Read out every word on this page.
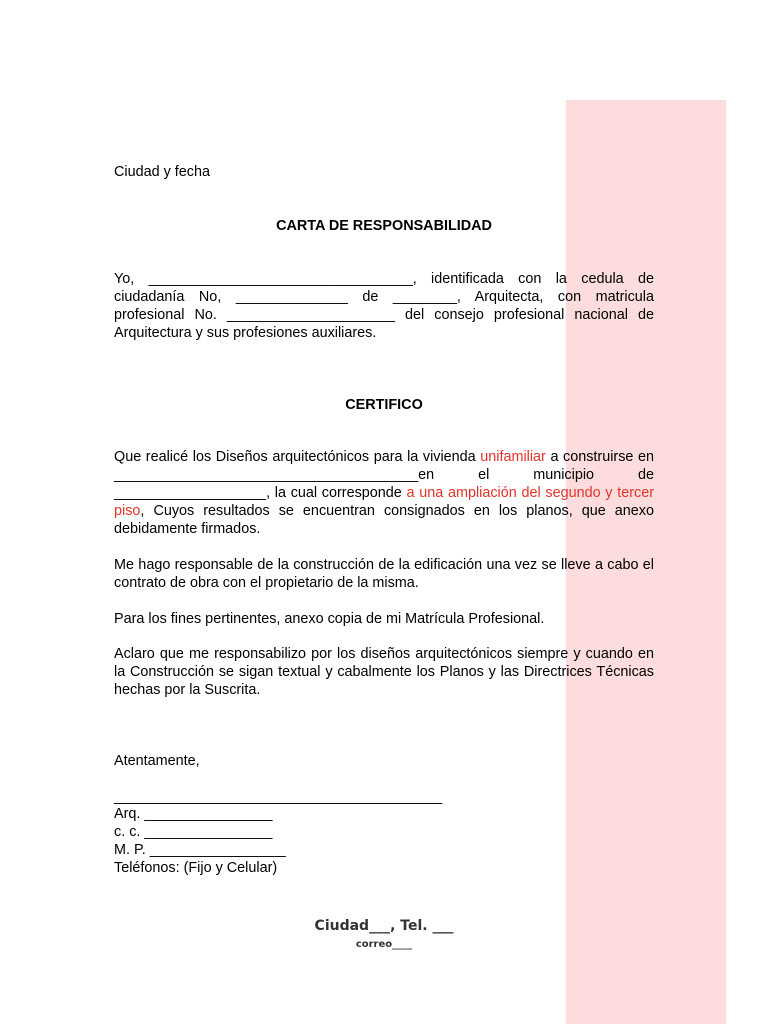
Ciudad y fecha
CARTA DE RESPONSABILIDAD

Yo, _________________________________, identificada con la cedula de ciudadanía No, ______________ de ________, Arquitecta, con matricula profesional No. _____________________ del consejo profesional nacional de Arquitectura y sus profesiones auxiliares.

CERTIFICO

Que realicé los Diseños arquitectónicos para la vivienda unifamiliar a construirse en ______________________________________en el municipio de ___________________, la cual corresponde a una ampliación del segundo y tercer piso, Cuyos resultados se encuentran consignados en los planos, que anexo debidamente firmados.

Me hago responsable de la construcción de la edificación una vez se lleve a cabo el contrato de obra con el propietario de la misma.

Para los fines pertinentes, anexo copia de mi Matrícula Profesional.

Aclaro que me responsabilizo por los diseños arquitectónicos siempre y cuando en la Construcción se sigan textual y cabalmente los Planos y las Directrices Técnicas hechas por la Suscrita.

Atentamente,
_________________________________________
Arq. ________________
c. c. ________________
M. P. _________________
Teléfonos: (Fijo y Celular)
Ciudad___, Tel. ___
correo____
